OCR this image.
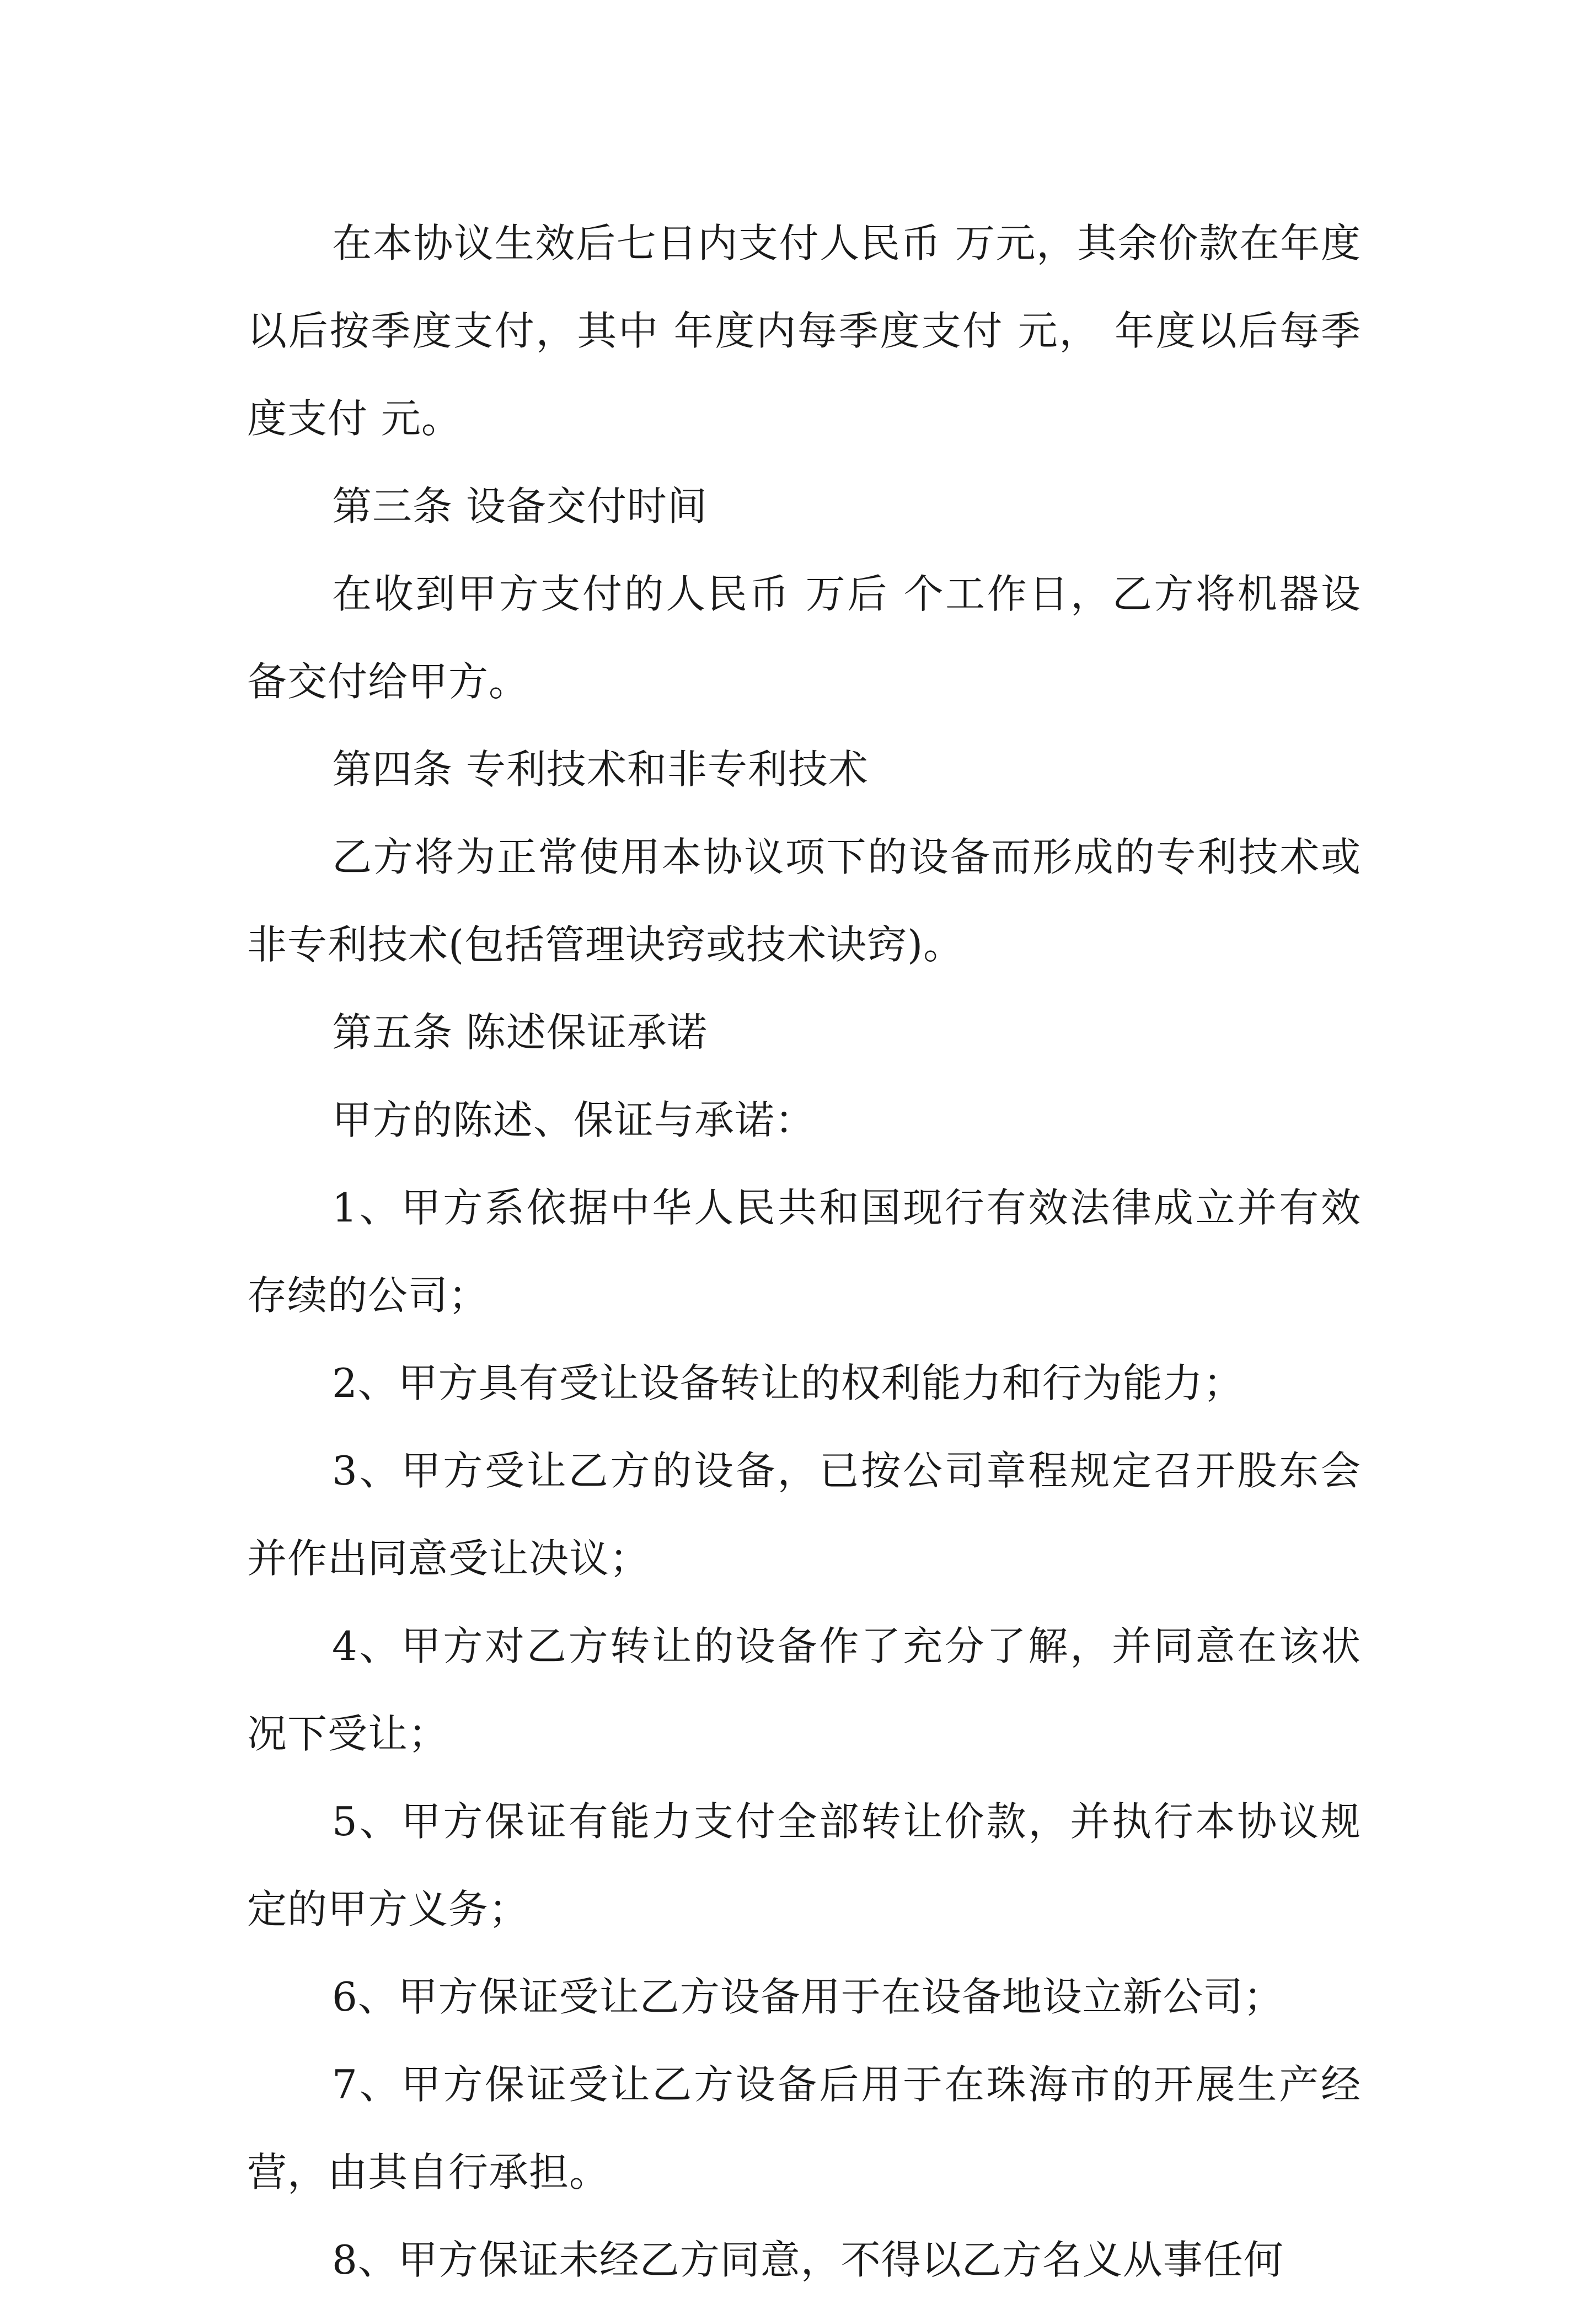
在本协议生效后七日内支付人民币 万元，其余价款在年度以后按季度支付，其中 年度内每季度支付 元， 年度以后每季度支付 元。

第三条 设备交付时间

在收到甲方支付的人民币 万后 个工作日，乙方将机器设备交付给甲方。

第四条 专利技术和非专利技术

乙方将为正常使用本协议项下的设备而形成的专利技术或非专利技术(包括管理诀窍或技术诀窍)。

第五条 陈述保证承诺

甲方的陈述、保证与承诺：

1、甲方系依据中华人民共和国现行有效法律成立并有效存续的公司；

2、甲方具有受让设备转让的权利能力和行为能力；

3、甲方受让乙方的设备，已按公司章程规定召开股东会并作出同意受让决议；

4、甲方对乙方转让的设备作了充分了解，并同意在该状况下受让；

5、甲方保证有能力支付全部转让价款，并执行本协议规定的甲方义务；

6、甲方保证受让乙方设备用于在设备地设立新公司；

7、甲方保证受让乙方设备后用于在珠海市的开展生产经营，由其自行承担。

8、甲方保证未经乙方同意，不得以乙方名义从事任何
